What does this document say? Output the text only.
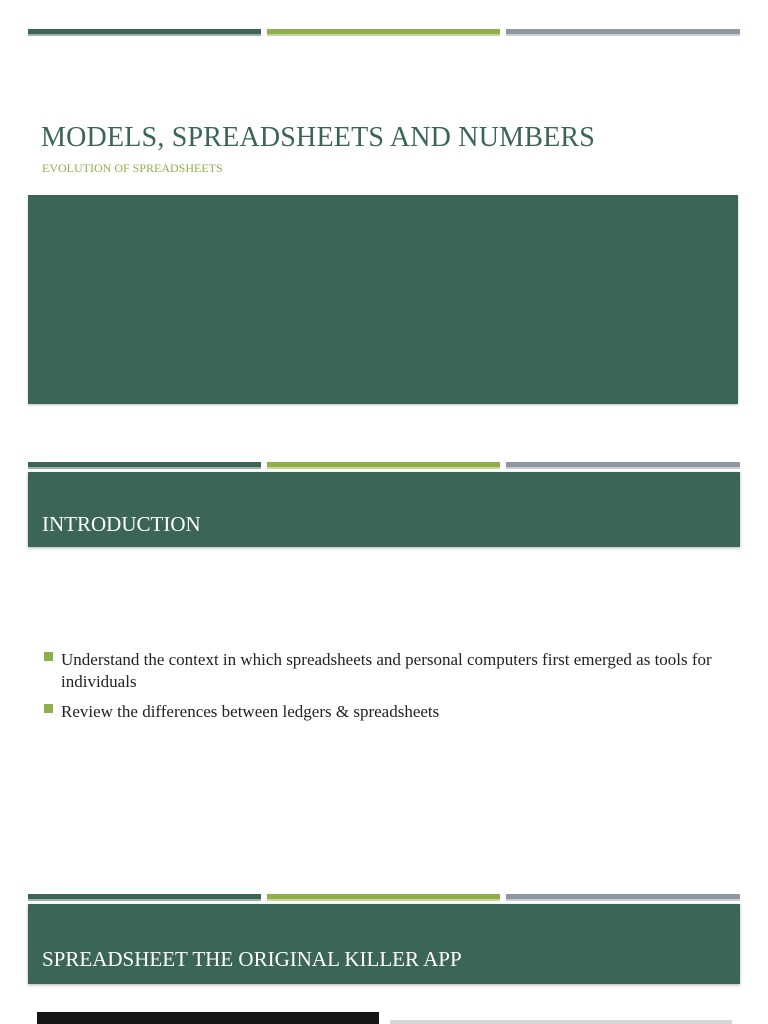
MODELS, SPREADSHEETS AND NUMBERS

EVOLUTION OF SPREADSHEETS

INTRODUCTION
Understand the context in which spreadsheets and personal computers first emerged as tools for individuals
Review the differences between ledgers & spreadsheets
SPREADSHEET THE ORIGINAL KILLER APP
